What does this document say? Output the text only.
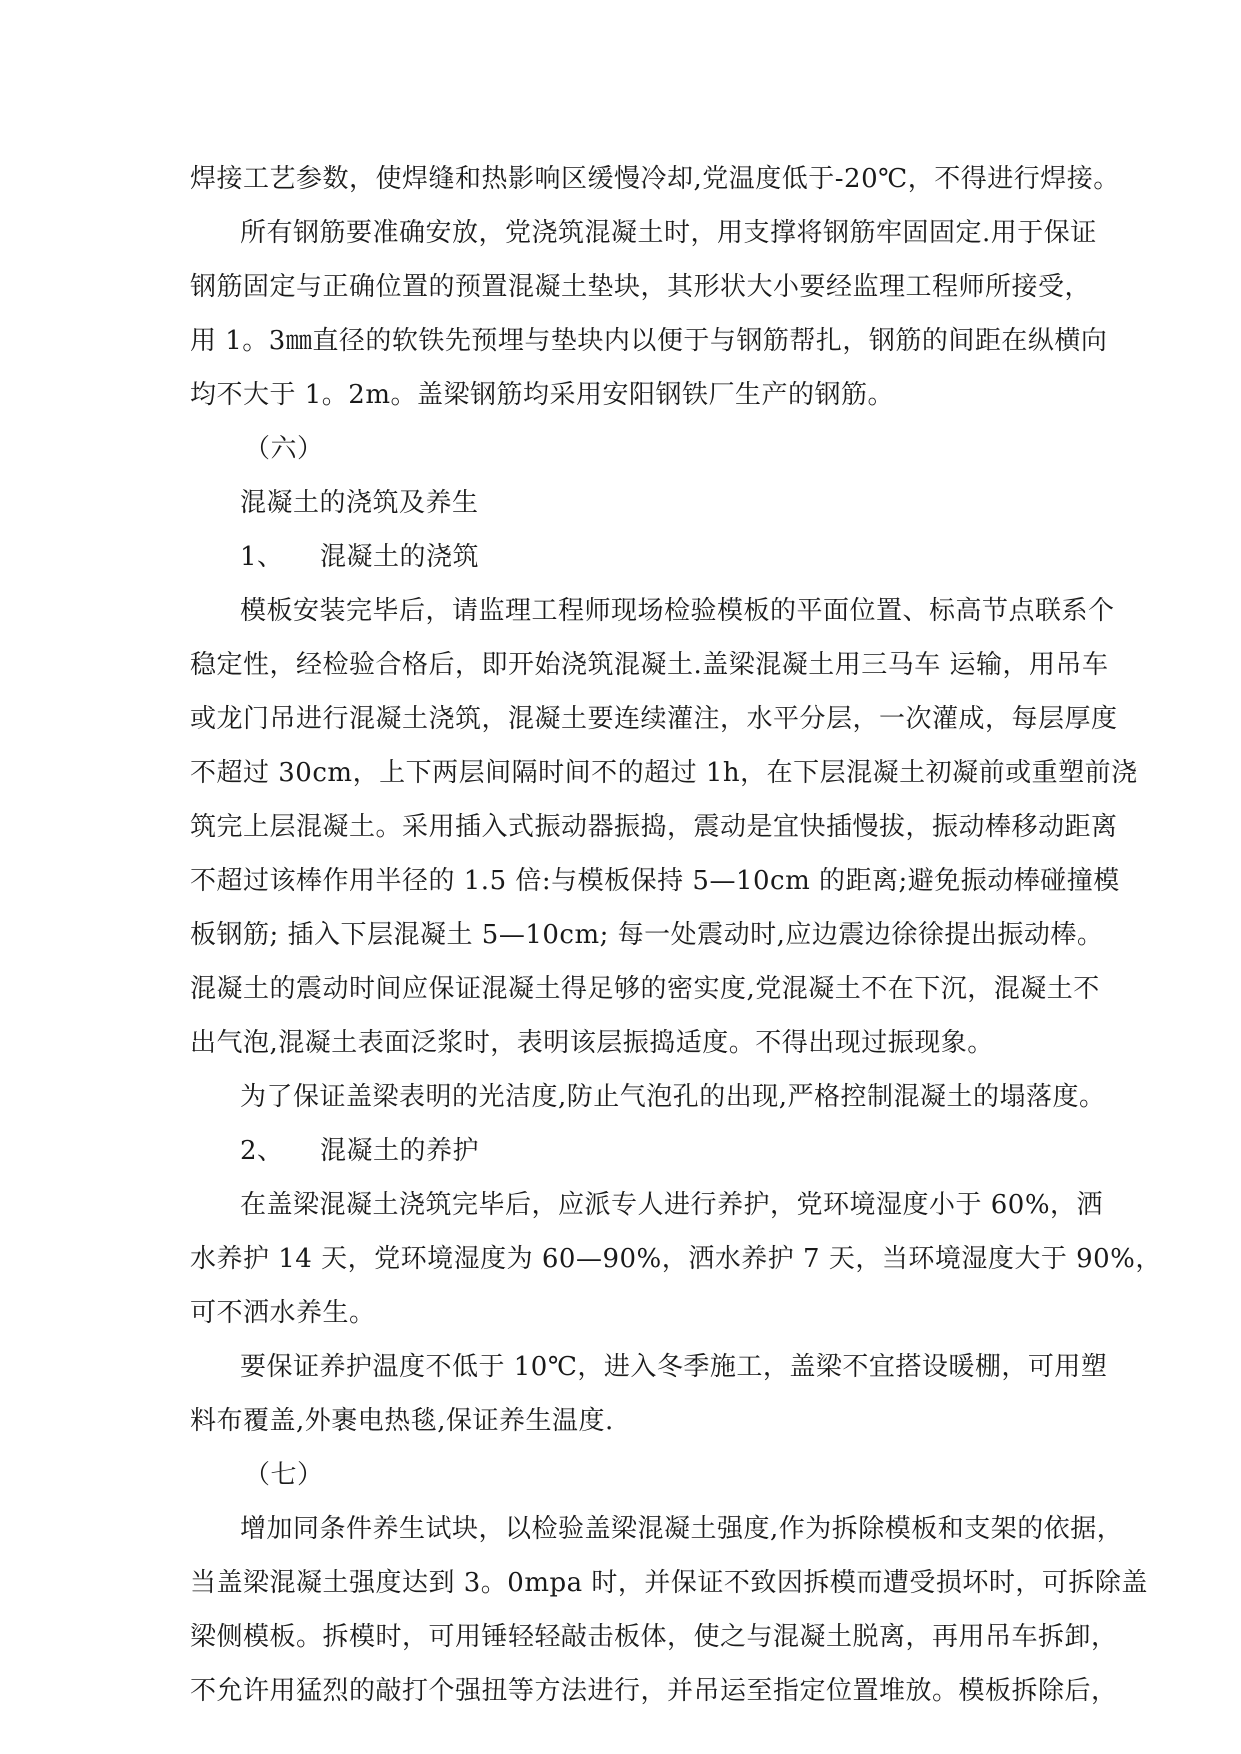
焊接工艺参数，使焊缝和热影响区缓慢冷却,党温度低于-20℃，不得进行焊接。
所有钢筋要准确安放，党浇筑混凝土时，用支撑将钢筋牢固固定.用于保证
钢筋固定与正确位置的预置混凝土垫块，其形状大小要经监理工程师所接受，
用 1。3㎜直径的软铁先预埋与垫块内以便于与钢筋帮扎，钢筋的间距在纵横向
均不大于 1。2m。盖梁钢筋均采用安阳钢铁厂生产的钢筋。
（六）
混凝土的浇筑及养生
1、 混凝土的浇筑
模板安装完毕后，请监理工程师现场检验模板的平面位置、标高节点联系个
稳定性，经检验合格后，即开始浇筑混凝土.盖梁混凝土用三马车 运输，用吊车
或龙门吊进行混凝土浇筑，混凝土要连续灌注，水平分层，一次灌成，每层厚度
不超过 30cm，上下两层间隔时间不的超过 1h，在下层混凝土初凝前或重塑前浇
筑完上层混凝土。采用插入式振动器振捣，震动是宜快插慢拔，振动棒移动距离
不超过该棒作用半径的 1.5 倍:与模板保持 5—10cm 的距离;避免振动棒碰撞模
板钢筋; 插入下层混凝土 5—10cm; 每一处震动时,应边震边徐徐提出振动棒。
混凝土的震动时间应保证混凝土得足够的密实度,党混凝土不在下沉，混凝土不
出气泡,混凝土表面泛浆时，表明该层振捣适度。不得出现过振现象。
为了保证盖梁表明的光洁度,防止气泡孔的出现,严格控制混凝土的塌落度。
2、 混凝土的养护
在盖梁混凝土浇筑完毕后，应派专人进行养护，党环境湿度小于 60%，洒
水养护 14 天，党环境湿度为 60—90%，洒水养护 7 天，当环境湿度大于 90%，
可不洒水养生。
要保证养护温度不低于 10℃，进入冬季施工，盖梁不宜搭设暖棚，可用塑
料布覆盖,外裹电热毯,保证养生温度.
（七）
增加同条件养生试块，以检验盖梁混凝土强度,作为拆除模板和支架的依据，
当盖梁混凝土强度达到 3。0mpa 时，并保证不致因拆模而遭受损坏时，可拆除盖
梁侧模板。拆模时，可用锤轻轻敲击板体，使之与混凝土脱离，再用吊车拆卸，
不允许用猛烈的敲打个强扭等方法进行，并吊运至指定位置堆放。模板拆除后，
